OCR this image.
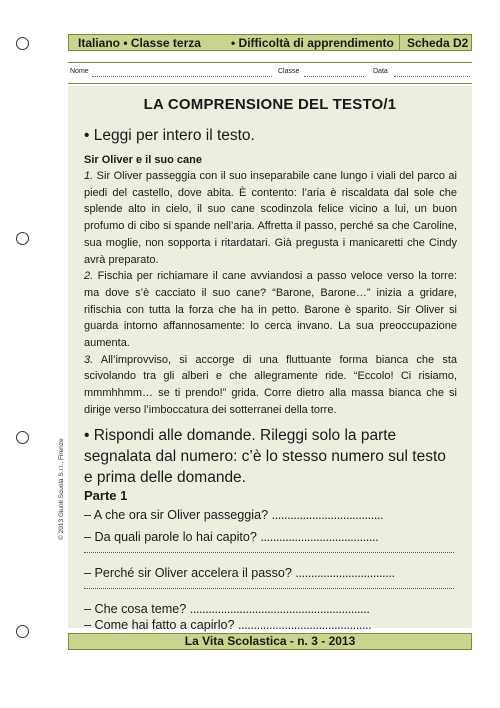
Italiano • Classe terza	• Difficoltà di apprendimento Scheda D2
Nome	Classe	Data
LA COMPRENSIONE DEL TESTO/1
• Leggi per intero il testo.
Sir Oliver e il suo cane

1. Sir Oliver passeggia con il suo inseparabile cane lungo i viali del parco ai piedi del castello, dove abita. È contento: l’aria è riscaldata dal sole che splende alto in cielo, il suo cane scodinzola felice vicino a lui, un buon profumo di cibo si spande nell’aria. Affretta il passo, perché sa che Caroline, sua moglie, non sopporta i ritardatari. Già pregusta i manicaretti che Cindy avrà preparato.

2. Fischia per richiamare il cane avviandosi a passo veloce verso la torre: ma dove s’è cacciato il suo cane? “Barone, Barone…” inizia a gridare, rifischia con tutta la forza che ha in petto. Barone è sparito. Sir Oliver si guarda intorno affannosamente: lo cerca invano. La sua preoccupazione aumenta.

3. All’improvviso, si accorge di una fluttuante forma bianca che sta scivolando tra gli alberi e che allegramente ride. “Eccolo! Ci risiamo, mmmhhmm… se ti prendo!” grida. Corre dietro alla massa bianca che si dirige verso l’imboccatura dei sotterranei della torre.

• Rispondi alle domande. Rileggi solo la parte
segnalata dal numero: c’è lo stesso numero sul testo
e prima delle domande.
Parte 1
– A che ora sir Oliver passeggia? ....................................
– Da quali parole lo hai capito? ......................................
– Perché sir Oliver accelera il passo? ................................
– Che cosa teme? ..........................................................
– Come hai fatto a capirlo? ...........................................
© 2013 Giunti Scuola S.r.l., Firenze
La Vita Scolastica - n. 3 - 2013
